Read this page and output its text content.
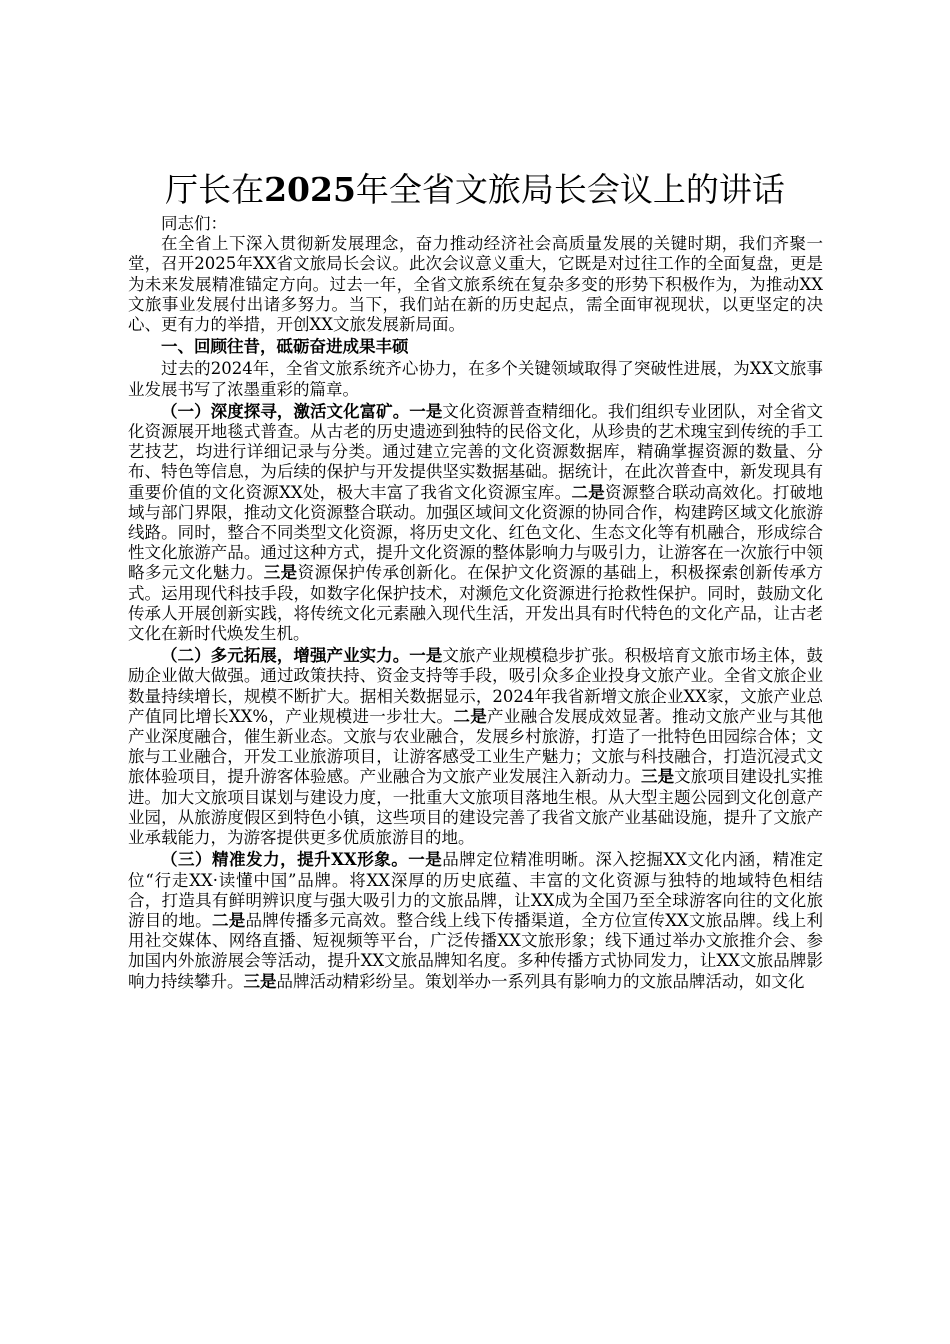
厅长在2025年全省文旅局长会议上的讲话

同志们：

在全省上下深入贯彻新发展理念，奋力推动经济社会高质量发展的关键时期，我们齐聚一堂，召开2025年XX省文旅局长会议。此次会议意义重大，它既是对过往工作的全面复盘，更是为未来发展精准锚定方向。过去一年，全省文旅系统在复杂多变的形势下积极作为，为推动XX文旅事业发展付出诸多努力。当下，我们站在新的历史起点，需全面审视现状，以更坚定的决心、更有力的举措，开创XX文旅发展新局面。

一、回顾往昔，砥砺奋进成果丰硕

过去的2024年，全省文旅系统齐心协力，在多个关键领域取得了突破性进展，为XX文旅事业发展书写了浓墨重彩的篇章。

（一）深度探寻，激活文化富矿。一是文化资源普查精细化。我们组织专业团队，对全省文化资源展开地毯式普查。从古老的历史遗迹到独特的民俗文化，从珍贵的艺术瑰宝到传统的手工艺技艺，均进行详细记录与分类。通过建立完善的文化资源数据库，精确掌握资源的数量、分布、特色等信息，为后续的保护与开发提供坚实数据基础。据统计，在此次普查中，新发现具有重要价值的文化资源XX处，极大丰富了我省文化资源宝库。二是资源整合联动高效化。打破地域与部门界限，推动文化资源整合联动。加强区域间文化资源的协同合作，构建跨区域文化旅游线路。同时，整合不同类型文化资源，将历史文化、红色文化、生态文化等有机融合，形成综合性文化旅游产品。通过这种方式，提升文化资源的整体影响力与吸引力，让游客在一次旅行中领略多元文化魅力。三是资源保护传承创新化。在保护文化资源的基础上，积极探索创新传承方式。运用现代科技手段，如数字化保护技术，对濒危文化资源进行抢救性保护。同时，鼓励文化传承人开展创新实践，将传统文化元素融入现代生活，开发出具有时代特色的文化产品，让古老文化在新时代焕发生机。

（二）多元拓展，增强产业实力。一是文旅产业规模稳步扩张。积极培育文旅市场主体，鼓励企业做大做强。通过政策扶持、资金支持等手段，吸引众多企业投身文旅产业。全省文旅企业数量持续增长，规模不断扩大。据相关数据显示，2024年我省新增文旅企业XX家，文旅产业总产值同比增长XX%，产业规模进一步壮大。二是产业融合发展成效显著。推动文旅产业与其他产业深度融合，催生新业态。文旅与农业融合，发展乡村旅游，打造了一批特色田园综合体；文旅与工业融合，开发工业旅游项目，让游客感受工业生产魅力；文旅与科技融合，打造沉浸式文旅体验项目，提升游客体验感。产业融合为文旅产业发展注入新动力。三是文旅项目建设扎实推进。加大文旅项目谋划与建设力度，一批重大文旅项目落地生根。从大型主题公园到文化创意产业园，从旅游度假区到特色小镇，这些项目的建设完善了我省文旅产业基础设施，提升了文旅产业承载能力，为游客提供更多优质旅游目的地。

（三）精准发力，提升XX形象。一是品牌定位精准明晰。深入挖掘XX文化内涵，精准定位“行走XX·读懂中国”品牌。将XX深厚的历史底蕴、丰富的文化资源与独特的地域特色相结合，打造具有鲜明辨识度与强大吸引力的文旅品牌，让XX成为全国乃至全球游客向往的文化旅游目的地。二是品牌传播多元高效。整合线上线下传播渠道，全方位宣传XX文旅品牌。线上利用社交媒体、网络直播、短视频等平台，广泛传播XX文旅形象；线下通过举办文旅推介会、参加国内外旅游展会等活动，提升XX文旅品牌知名度。多种传播方式协同发力，让XX文旅品牌影响力持续攀升。三是品牌活动精彩纷呈。策划举办一系列具有影响力的文旅品牌活动，如文化
